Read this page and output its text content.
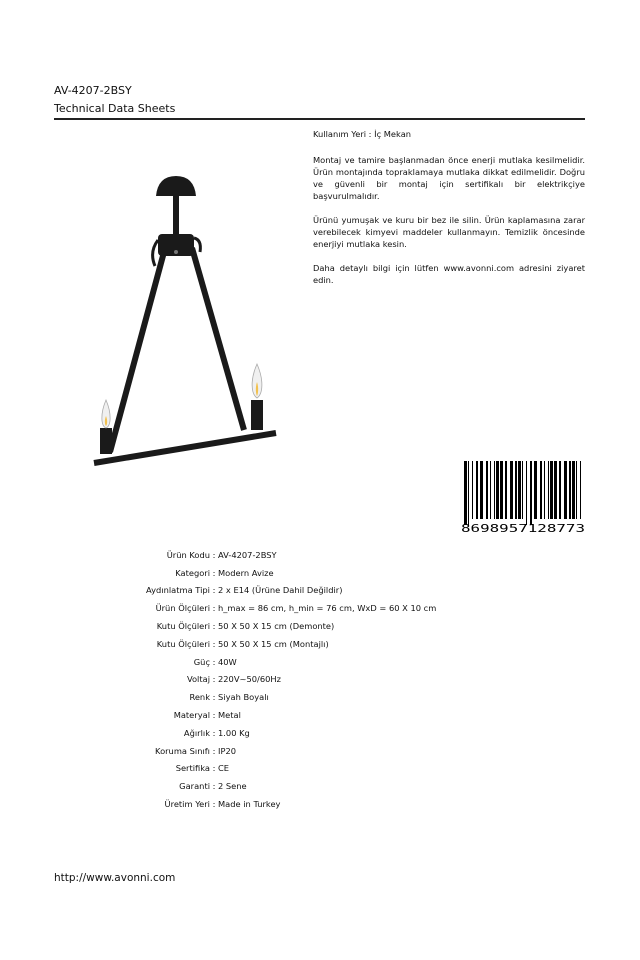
AV-4207-2BSY
Technical Data Sheets

Kullanım Yeri : İç Mekan

Montaj ve tamire başlanmadan önce enerji mutlaka kesilmelidir. Ürün montajında topraklamaya mutlaka dikkat edilmelidir. Doğru ve güvenli bir montaj için sertifikalı bir elektrikçiye başvurulmalıdır.

Ürünü yumuşak ve kuru bir bez ile silin. Ürün kaplamasına zarar verebilecek kimyevi maddeler kullanmayın. Temizlik öncesinde enerjiyi mutlaka kesin.

Daha detaylı bilgi için lütfen www.avonni.com adresini ziyaret edin.

8698957128773
Ürün Kodu : AV-4207-2BSY
Kategori : Modern Avize
Aydınlatma Tipi : 2 x E14 (Ürüne Dahil Değildir)
Ürün Ölçüleri : h_max = 86 cm, h_min = 76 cm, WxD = 60 X 10 cm
Kutu Ölçüleri : 50 X 50 X 15 cm (Demonte)
Kutu Ölçüleri : 50 X 50 X 15 cm (Montajlı)
Güç : 40W
Voltaj : 220V~50/60Hz
Renk : Siyah Boyalı
Materyal : Metal
Ağırlık : 1.00 Kg
Koruma Sınıfı : IP20
Sertifika : CE
Garanti : 2 Sene
Üretim Yeri : Made in Turkey
http://www.avonni.com
